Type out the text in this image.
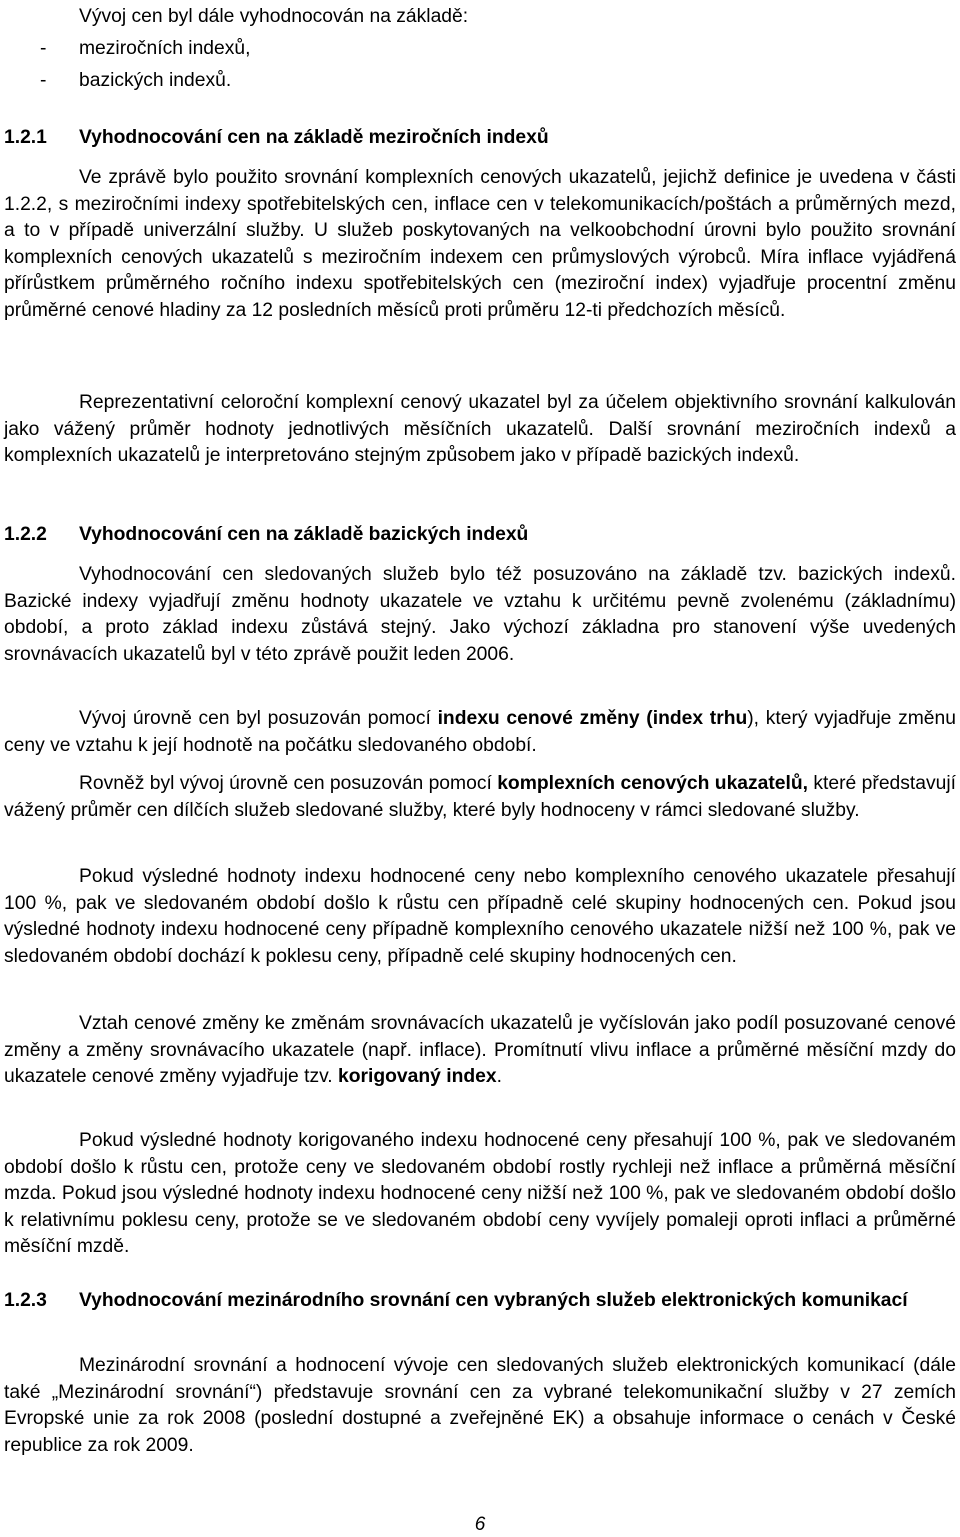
Vývoj cen byl dále vyhodnocován na základě:

- meziročních indexů,

- bazických indexů.

1.2.1	Vyhodnocování cen na základě meziročních indexů

Ve zprávě bylo použito srovnání komplexních cenových ukazatelů, jejichž definice je uvedena v části 1.2.2, s meziročními indexy spotřebitelských cen, inflace cen v telekomunikacích/poštách a průměrných mezd, a to v případě univerzální služby. U služeb poskytovaných na velkoobchodní úrovni bylo použito srovnání komplexních cenových ukazatelů s meziročním indexem cen průmyslových výrobců. Míra inflace vyjádřená přírůstkem průměrného ročního indexu spotřebitelských cen (meziroční index) vyjadřuje procentní změnu průměrné cenové hladiny za 12 posledních měsíců proti průměru 12-ti předchozích měsíců.

Reprezentativní celoroční komplexní cenový ukazatel byl za účelem objektivního srovnání kalkulován jako vážený průměr hodnoty jednotlivých měsíčních ukazatelů. Další srovnání meziročních indexů a komplexních ukazatelů je interpretováno stejným způsobem jako v případě bazických indexů.

1.2.2	Vyhodnocování cen na základě bazických indexů

Vyhodnocování cen sledovaných služeb bylo též posuzováno na základě tzv. bazických indexů. Bazické indexy vyjadřují změnu hodnoty ukazatele ve vztahu k určitému pevně zvolenému (základnímu) období, a proto základ indexu zůstává stejný. Jako výchozí základna pro stanovení výše uvedených srovnávacích ukazatelů byl v této zprávě použit leden 2006.

Vývoj úrovně cen byl posuzován pomocí indexu cenové změny (index trhu), který vyjadřuje změnu ceny ve vztahu k její hodnotě na počátku sledovaného období.

Rovněž byl vývoj úrovně cen posuzován pomocí komplexních cenových ukazatelů, které představují vážený průměr cen dílčích služeb sledované služby, které byly hodnoceny v rámci sledované služby.

Pokud výsledné hodnoty indexu hodnocené ceny nebo komplexního cenového ukazatele přesahují 100 %, pak ve sledovaném období došlo k růstu cen případně celé skupiny hodnocených cen. Pokud jsou výsledné hodnoty indexu hodnocené ceny případně komplexního cenového ukazatele nižší než 100 %, pak ve sledovaném období dochází k poklesu ceny, případně celé skupiny hodnocených cen.

Vztah cenové změny ke změnám srovnávacích ukazatelů je vyčíslován jako podíl posuzované cenové změny a změny srovnávacího ukazatele (např. inflace). Promítnutí vlivu inflace a průměrné měsíční mzdy do ukazatele cenové změny vyjadřuje tzv. korigovaný index.

Pokud výsledné hodnoty korigovaného indexu hodnocené ceny přesahují 100 %, pak ve sledovaném období došlo k růstu cen, protože ceny ve sledovaném období rostly rychleji než inflace a průměrná měsíční mzda. Pokud jsou výsledné hodnoty indexu hodnocené ceny nižší než 100 %, pak ve sledovaném období došlo k relativnímu poklesu ceny, protože se ve sledovaném období ceny vyvíjely pomaleji oproti inflaci a průměrné měsíční mzdě.

1.2.3	Vyhodnocování mezinárodního srovnání cen vybraných služeb elektronických komunikací

Mezinárodní srovnání a hodnocení vývoje cen sledovaných služeb elektronických komunikací (dále také „Mezinárodní srovnání“) představuje srovnání cen za vybrané telekomunikační služby v 27 zemích Evropské unie za rok 2008 (poslední dostupné a zveřejněné EK) a obsahuje informace o cenách v České republice za rok 2009.

6
